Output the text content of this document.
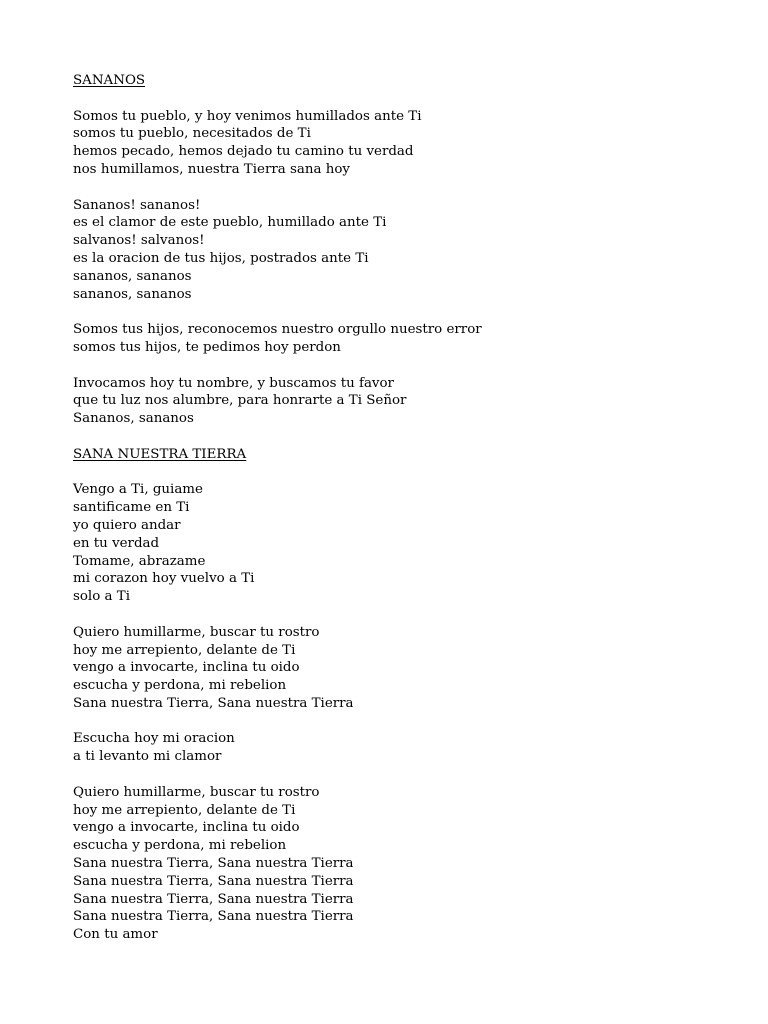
SANANOS

Somos tu pueblo, y hoy venimos humillados ante Ti

somos tu pueblo, necesitados de Ti

hemos pecado, hemos dejado tu camino tu verdad

nos humillamos, nuestra Tierra sana hoy

Sananos! sananos!

es el clamor de este pueblo, humillado ante Ti

salvanos! salvanos!

es la oracion de tus hijos, postrados ante Ti

sananos, sananos

sananos, sananos

Somos tus hijos, reconocemos nuestro orgullo nuestro error

somos tus hijos, te pedimos hoy perdon

Invocamos hoy tu nombre, y buscamos tu favor

que tu luz nos alumbre, para honrarte a Ti Señor

Sananos, sananos

SANA NUESTRA TIERRA

Vengo a Ti, guiame

santificame en Ti

yo quiero andar

en tu verdad

Tomame, abrazame

mi corazon hoy vuelvo a Ti

solo a Ti

Quiero humillarme, buscar tu rostro

hoy me arrepiento, delante de Ti

vengo a invocarte, inclina tu oido

escucha y perdona, mi rebelion

Sana nuestra Tierra, Sana nuestra Tierra

Escucha hoy mi oracion

a ti levanto mi clamor

Quiero humillarme, buscar tu rostro

hoy me arrepiento, delante de Ti

vengo a invocarte, inclina tu oido

escucha y perdona, mi rebelion

Sana nuestra Tierra, Sana nuestra Tierra

Sana nuestra Tierra, Sana nuestra Tierra

Sana nuestra Tierra, Sana nuestra Tierra

Sana nuestra Tierra, Sana nuestra Tierra

Con tu amor
